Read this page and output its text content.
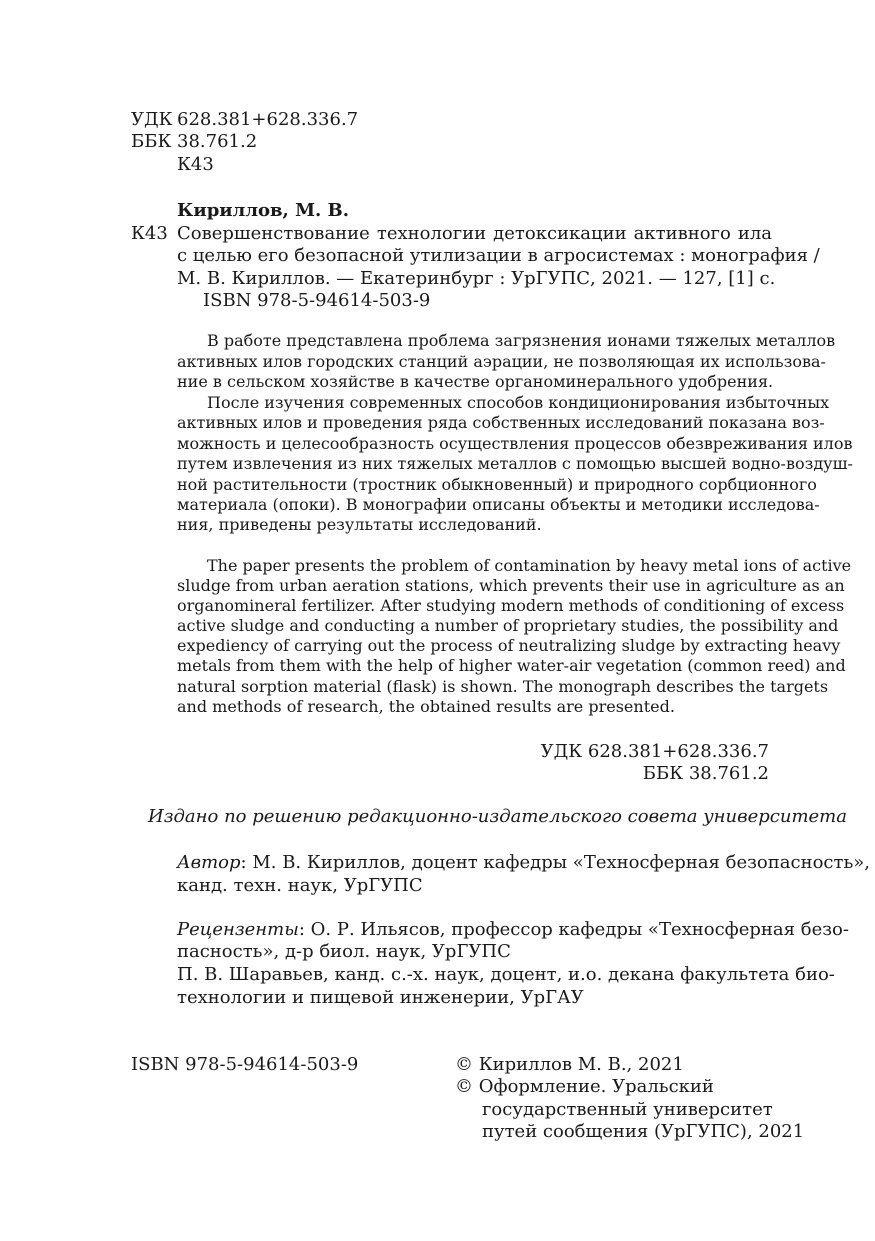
УДК 628.381+628.336.7
ББК 38.761.2
К43
Кириллов, М. В.
К43 Совершенствование технологии детоксикации активного ила
с целью его безопасной утилизации в агросистемах : монография /
М. В. Кириллов. — Екатеринбург : УрГУПС, 2021. — 127, [1] с.
ISBN 978-5-94614-503-9
В работе представлена проблема загрязнения ионами тяжелых металлов
активных илов городских станций аэрации, не позволяющая их использова-
ние в сельском хозяйстве в качестве органоминерального удобрения.
После изучения современных способов кондиционирования избыточных
активных илов и проведения ряда собственных исследований показана воз-
можность и целесообразность осуществления процессов обезвреживания илов
путем извлечения из них тяжелых металлов с помощью высшей водно-воздуш-
ной растительности (тростник обыкновенный) и природного сорбционного
материала (опоки). В монографии описаны объекты и методики исследова-
ния, приведены результаты исследований.
The paper presents the problem of contamination by heavy metal ions of active
sludge from urban aeration stations, which prevents their use in agriculture as an
organomineral fertilizer. After studying modern methods of conditioning of excess
active sludge and conducting a number of proprietary studies, the possibility and
expediency of carrying out the process of neutralizing sludge by extracting heavy
metals from them with the help of higher water-air vegetation (common reed) and
natural sorption material (flask) is shown. The monograph describes the targets
and methods of research, the obtained results are presented.
УДК 628.381+628.336.7
ББК 38.761.2
Издано по решению редакционно-издательского совета университета
Автор: М. В. Кириллов, доцент кафедры «Техносферная безопасность»,
канд. техн. наук, УрГУПС
Рецензенты: О. Р. Ильясов, профессор кафедры «Техносферная безо-
пасность», д-р биол. наук, УрГУПС
П. В. Шаравьев, канд. с.-х. наук, доцент, и.о. декана факультета био-
технологии и пищевой инженерии, УрГАУ
ISBN 978-5-94614-503-9	© Кириллов М. В., 2021
© Оформление. Уральский
государственный университет
путей сообщения (УрГУПС), 2021
